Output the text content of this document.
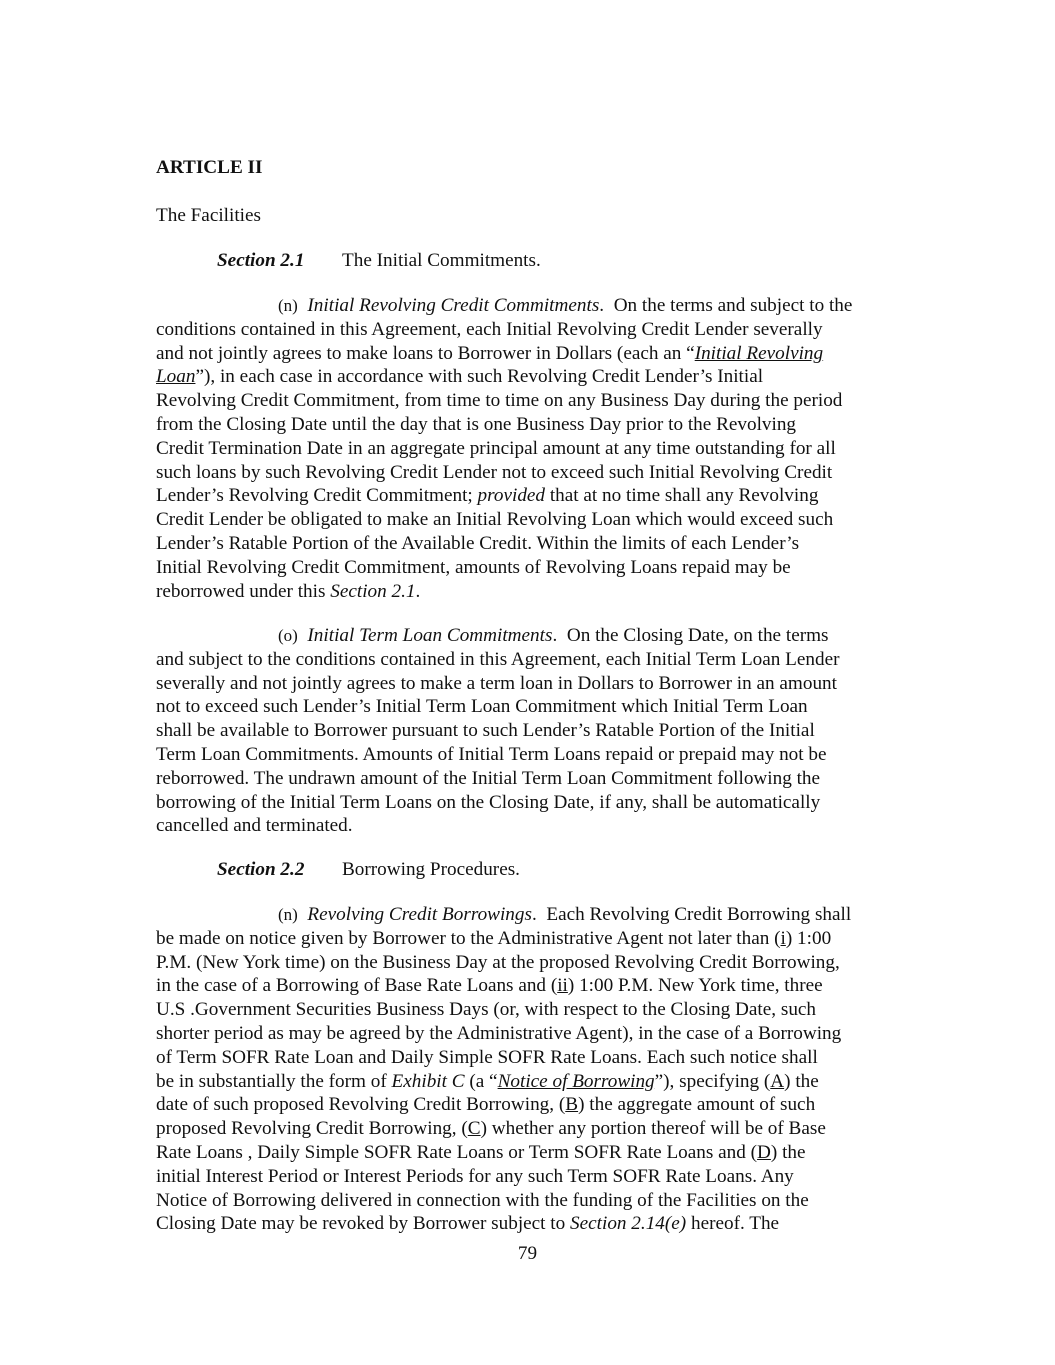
ARTICLE II

The Facilities

Section 2.1 The Initial Commitments.

(n) Initial Revolving Credit Commitments.  On the terms and subject to the
conditions contained in this Agreement, each Initial Revolving Credit Lender severally
and not jointly agrees to make loans to Borrower in Dollars (each an “Initial Revolving
Loan”), in each case in accordance with such Revolving Credit Lender’s Initial
Revolving Credit Commitment, from time to time on any Business Day during the period
from the Closing Date until the day that is one Business Day prior to the Revolving
Credit Termination Date in an aggregate principal amount at any time outstanding for all
such loans by such Revolving Credit Lender not to exceed such Initial Revolving Credit
Lender’s Revolving Credit Commitment; provided that at no time shall any Revolving
Credit Lender be obligated to make an Initial Revolving Loan which would exceed such
Lender’s Ratable Portion of the Available Credit. Within the limits of each Lender’s
Initial Revolving Credit Commitment, amounts of Revolving Loans repaid may be
reborrowed under this Section 2.1.

(o) Initial Term Loan Commitments.  On the Closing Date, on the terms
and subject to the conditions contained in this Agreement, each Initial Term Loan Lender
severally and not jointly agrees to make a term loan in Dollars to Borrower in an amount
not to exceed such Lender’s Initial Term Loan Commitment which Initial Term Loan
shall be available to Borrower pursuant to such Lender’s Ratable Portion of the Initial
Term Loan Commitments. Amounts of Initial Term Loans repaid or prepaid may not be
reborrowed. The undrawn amount of the Initial Term Loan Commitment following the
borrowing of the Initial Term Loans on the Closing Date, if any, shall be automatically
cancelled and terminated.

Section 2.2 Borrowing Procedures.

(n) Revolving Credit Borrowings.  Each Revolving Credit Borrowing shall
be made on notice given by Borrower to the Administrative Agent not later than (i) 1:00
P.M. (New York time) on the Business Day at the proposed Revolving Credit Borrowing,
in the case of a Borrowing of Base Rate Loans and (ii) 1:00 P.M. New York time, three
U.S .Government Securities Business Days (or, with respect to the Closing Date, such
shorter period as may be agreed by the Administrative Agent), in the case of a Borrowing
of Term SOFR Rate Loan and Daily Simple SOFR Rate Loans. Each such notice shall
be in substantially the form of Exhibit C (a “Notice of Borrowing”), specifying (A) the
date of such proposed Revolving Credit Borrowing, (B) the aggregate amount of such
proposed Revolving Credit Borrowing, (C) whether any portion thereof will be of Base
Rate Loans , Daily Simple SOFR Rate Loans or Term SOFR Rate Loans and (D) the
initial Interest Period or Interest Periods for any such Term SOFR Rate Loans. Any
Notice of Borrowing delivered in connection with the funding of the Facilities on the
Closing Date may be revoked by Borrower subject to Section 2.14(e) hereof. The

79
